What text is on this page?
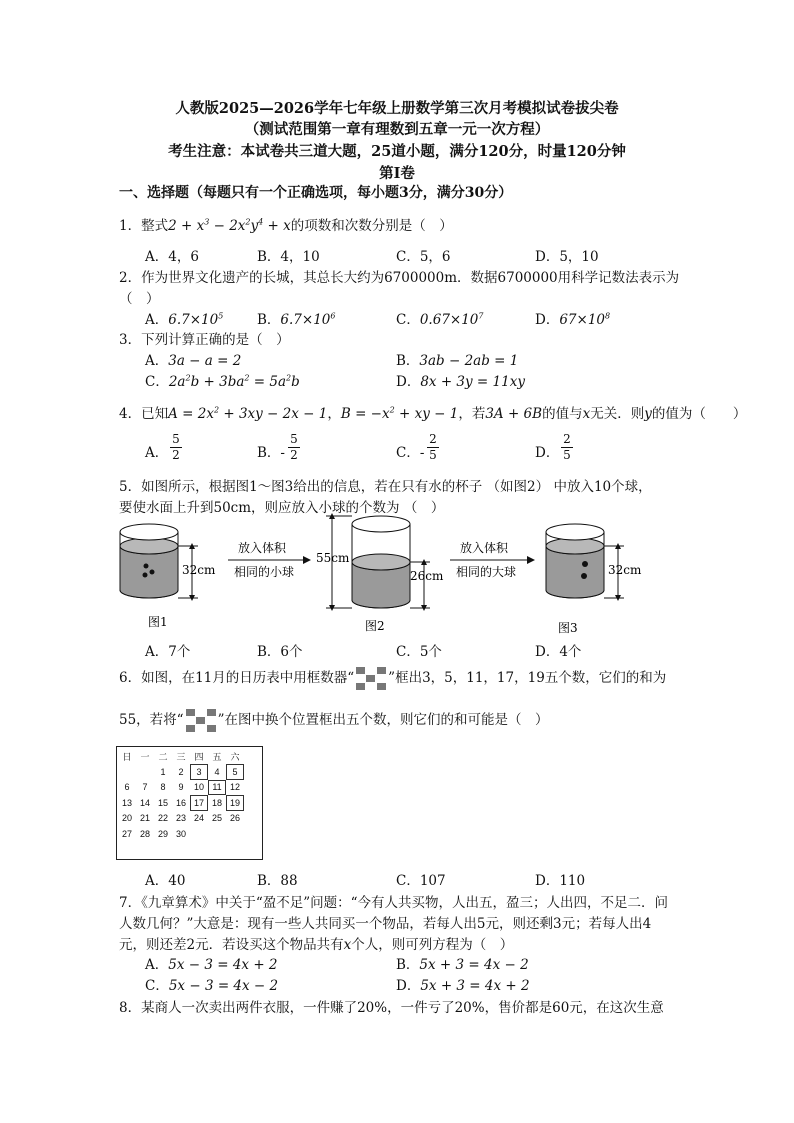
人教版2025—2026学年七年级上册数学第三次月考模拟试卷拔尖卷
（测试范围第一章有理数到五章一元一次方程）
考生注意：本试卷共三道大题，25道小题，满分120分，时量120分钟
第Ⅰ卷
一、选择题（每题只有一个正确选项，每小题3分，满分30分）
1．整式$2 + x^3 - 2x^2y^4 + x$的项数和次数分别是（　）
A．4，6	B．4，10	C．5，6	D．5，10
2．作为世界文化遗产的长城，其总长大约为6700000m．数据6700000用科学记数法表示为
（　）
A．$6.7\times 10^5$ B．$6.7\times 10^6$	C．$0.67\times 10^7$	D．$67\times 10^8$
3．下列计算正确的是（　）
A．3a − a = 2	B．3ab − 2ab = 1
C．$2a^2b + 3ba^2 = 5a^2b$	D．8x + 3y = 11xy
4．已知$A = 2x^2 + 3xy - 2x - 1$，$B = -x^2$ + xy − 1，若3A + 6B的值与x无关．则y的值为（　　）
A．
5
2	B．-
5
2	C．-
2
5	D．
2
5
5．如图所示，根据图1～图3给出的信息，若在只有水的杯子 （如图2） 中放入10个球，
要使水面上升到50cm，则应放入小球的个数为 （　）
32cm
放入体积
相同的小球
55cm
26cm
放入体积
相同的大球	32cm
图1	图2	图3
A．7个	B．6个	C．5个	D．4个
6．如图，在11月的日历表中用框数器“	”框出3，5，11，17，19五个数，它们的和为
55，若将“	”在图中换个位置框出五个数，则它们的和可能是（　）
日	一	二	三	四	五	六
		1	2	3	4	5
6	7	8	9	10	11	12
13	14	15	16	17	18	19
20	21	22	23	24	25	26
27	28	29	30			
A．40	B．88	C．107	D．110
7．《九章算术》中关于“盈不足”问题：“今有人共买物，人出五，盈三；人出四，不足二．问
人数几何？”大意是：现有一些人共同买一个物品，若每人出5元，则还剩3元；若每人出4
元，则还差2元．若设买这个物品共有x个人，则可列方程为（　）
A．5x − 3 = 4x + 2	B．5x + 3 = 4x − 2
C．5x − 3 = 4x − 2	D．5x + 3 = 4x + 2
8．某商人一次卖出两件衣服，一件赚了20%，一件亏了20%，售价都是60元，在这次生意
